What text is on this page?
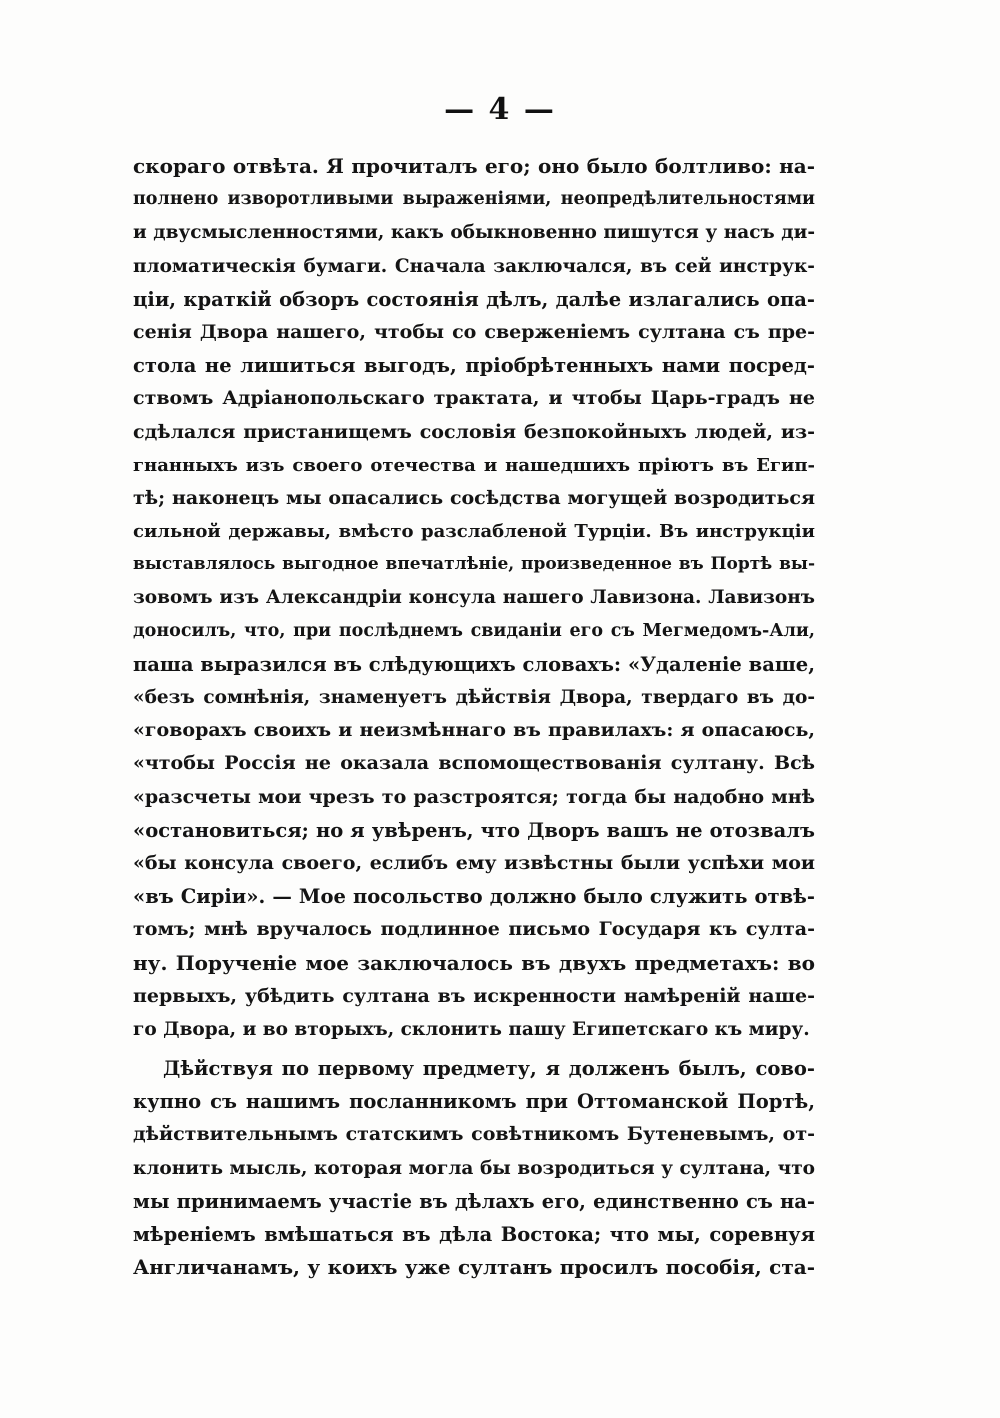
— 4 —
скораго отвѣта. Я прочиталъ его; оно было болтливо: на-
полнено изворотливыми выраженіями, неопредѣлительностями
и двусмысленностями, какъ обыкновенно пишутся у насъ ди-
пломатическія бумаги. Сначала заключался, въ сей инструк-
ціи, краткій обзоръ состоянія дѣлъ, далѣе излагались опа-
сенія Двора нашего, чтобы со сверженіемъ султана съ пре-
стола не лишиться выгодъ, пріобрѣтенныхъ нами посред-
ствомъ Адріанопольскаго трактата, и чтобы Царь-градъ не
сдѣлался пристанищемъ сословія безпокойныхъ людей, из-
гнанныхъ изъ своего отечества и нашедшихъ пріютъ въ Егип-
тѣ; наконецъ мы опасались сосѣдства могущей возродиться
сильной державы, вмѣсто разслабленой Турціи. Въ инструкціи
выставлялось выгодное впечатлѣніе, произведенное въ Портѣ вы-
зовомъ изъ Александріи консула нашего Лавизона. Лавизонъ
доносилъ, что, при послѣднемъ свиданіи его съ Мегмедомъ-Али,
паша выразился въ слѣдующихъ словахъ: «Удаленіе ваше,
«безъ сомнѣнія, знаменуетъ дѣйствія Двора, твердаго въ до-
«говорахъ своихъ и неизмѣннаго въ правилахъ: я опасаюсь,
«чтобы Россія не оказала вспомоществованія султану. Всѣ
«разсчеты мои чрезъ то разстроятся; тогда бы надобно мнѣ
«остановиться; но я увѣренъ, что Дворъ вашъ не отозвалъ
«бы консула своего, еслибъ ему извѣстны были успѣхи мои
«въ Сиріи». — Мое посольство должно было служить отвѣ-
томъ; мнѣ вручалось подлинное письмо Государя къ султа-
ну. Порученіе мое заключалось въ двухъ предметахъ: во
первыхъ, убѣдить султана въ искренности намѣреній наше-
го Двора, и во вторыхъ, склонить пашу Египетскаго къ миру.
Дѣйствуя по первому предмету, я долженъ былъ, сово-
купно съ нашимъ посланникомъ при Оттоманской Портѣ,
дѣйствительнымъ статскимъ совѣтникомъ Бутеневымъ, от-
клонить мысль, которая могла бы возродиться у султана, что
мы принимаемъ участіе въ дѣлахъ его, единственно съ на-
мѣреніемъ вмѣшаться въ дѣла Востока; что мы, соревнуя
Англичанамъ, у коихъ уже султанъ просилъ пособія, ста-
